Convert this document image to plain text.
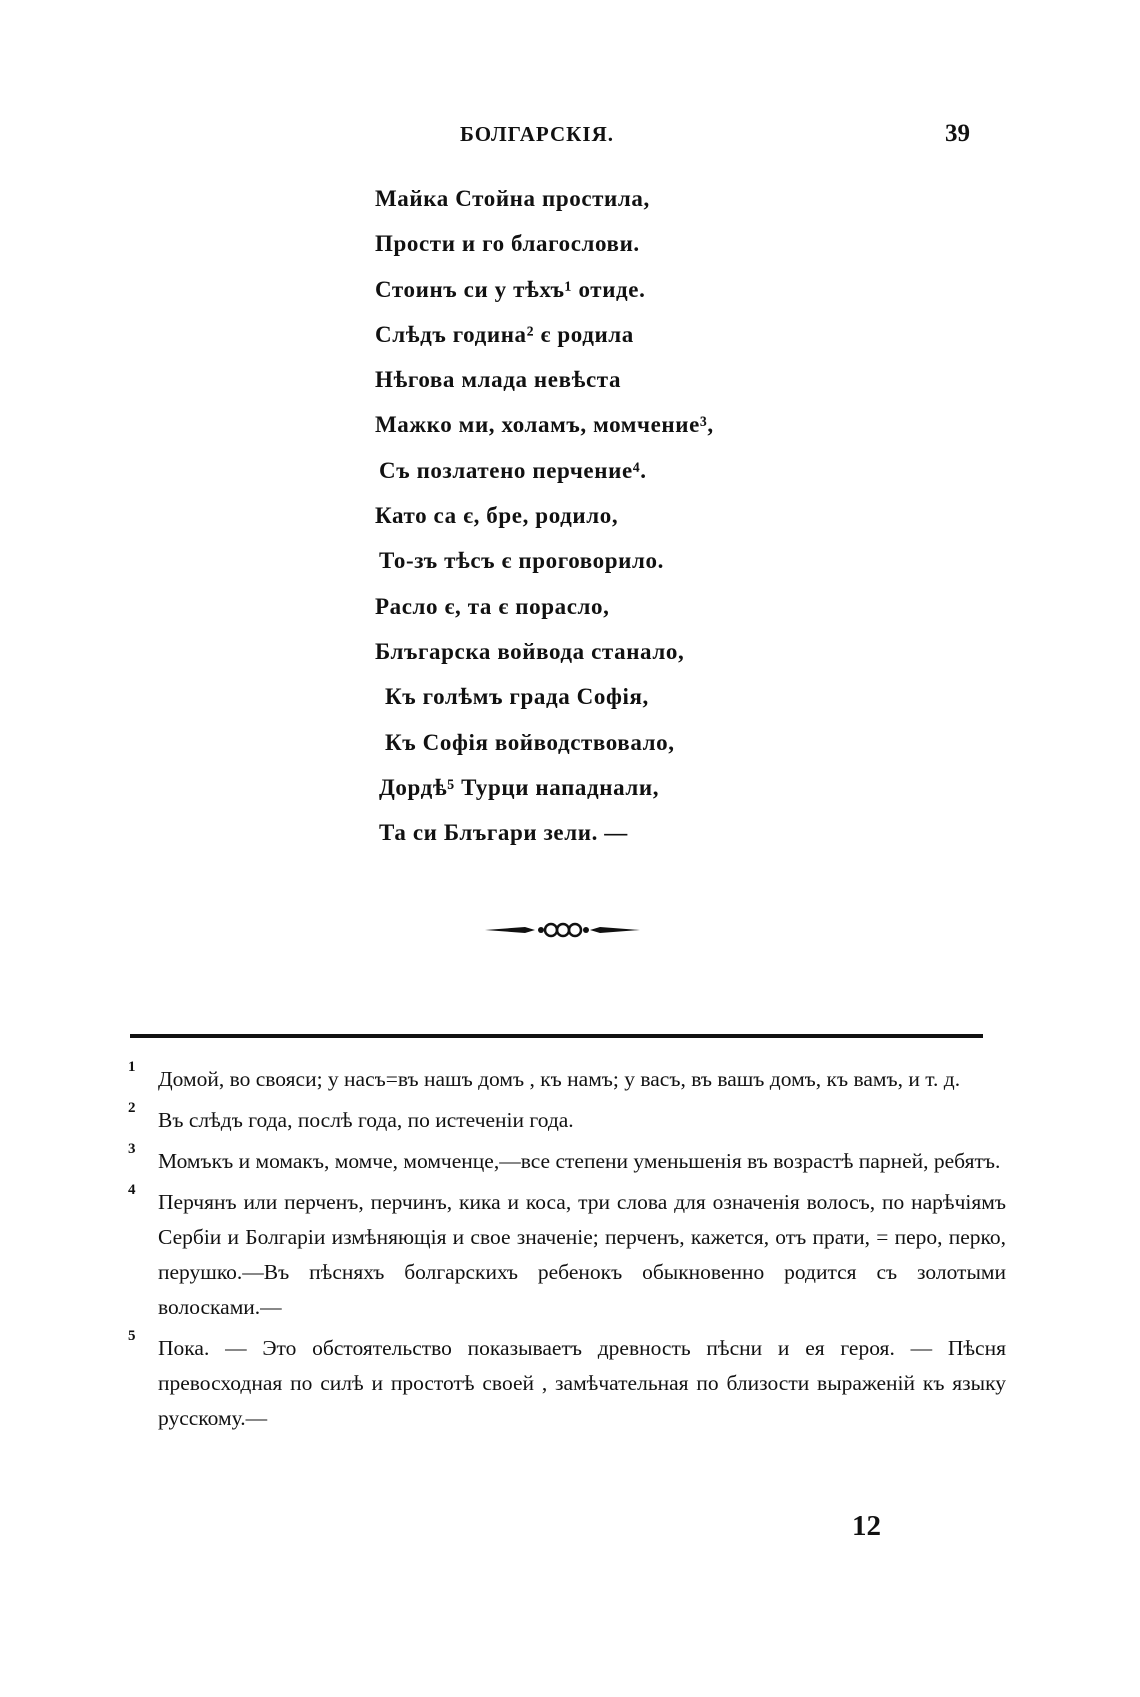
БОЛГАРСКІЯ.	39
Майка Стойна простила,
Прости и го благослови.
Стоинъ си у тѣхъ¹ отиде.
Слѣдъ година² є родила
Нѣгова млада невѣста
Мажко ми, холамъ, момчение³,
Съ позлатено перчение⁴.
Като са є, бре, родило,
То-зъ тѣсъ є проговорило.
Расло є, та є порасло,
Блъгарска войвода станало,
Къ голѣмъ града Софія,
Къ Софія войводствовало,
Дордѣ⁵ Турци нападнали,
Та си Блъгари зели. —
1 Домой, во свояси; у насъ=въ нашъ домъ , къ намъ; у васъ, въ вашъ домъ, къ вамъ, и т. д.
2 Въ слѣдъ года, послѣ года, по истеченіи года.
3 Момъкъ и момакъ, момче, момченце,—все степени уменьшенія въ возрастѣ парней, ребятъ.
4 Перчянъ или перченъ, перчинъ, кика и коса, три слова для означенія волосъ, по нарѣчіямъ Сербіи и Болгаріи измѣняющія и свое значеніе; перченъ, кажется, отъ прати, = перо, перко, перушко.—Въ пѣсняхъ болгарскихъ ребенокъ обыкновенно родится съ золотыми волосками.—
5 Пока. — Это обстоятельство показываетъ древность пѣсни и ея героя. — Пѣсня превосходная по силѣ и простотѣ своей , замѣчательная по близости выраженій къ языку русскому.—
12
